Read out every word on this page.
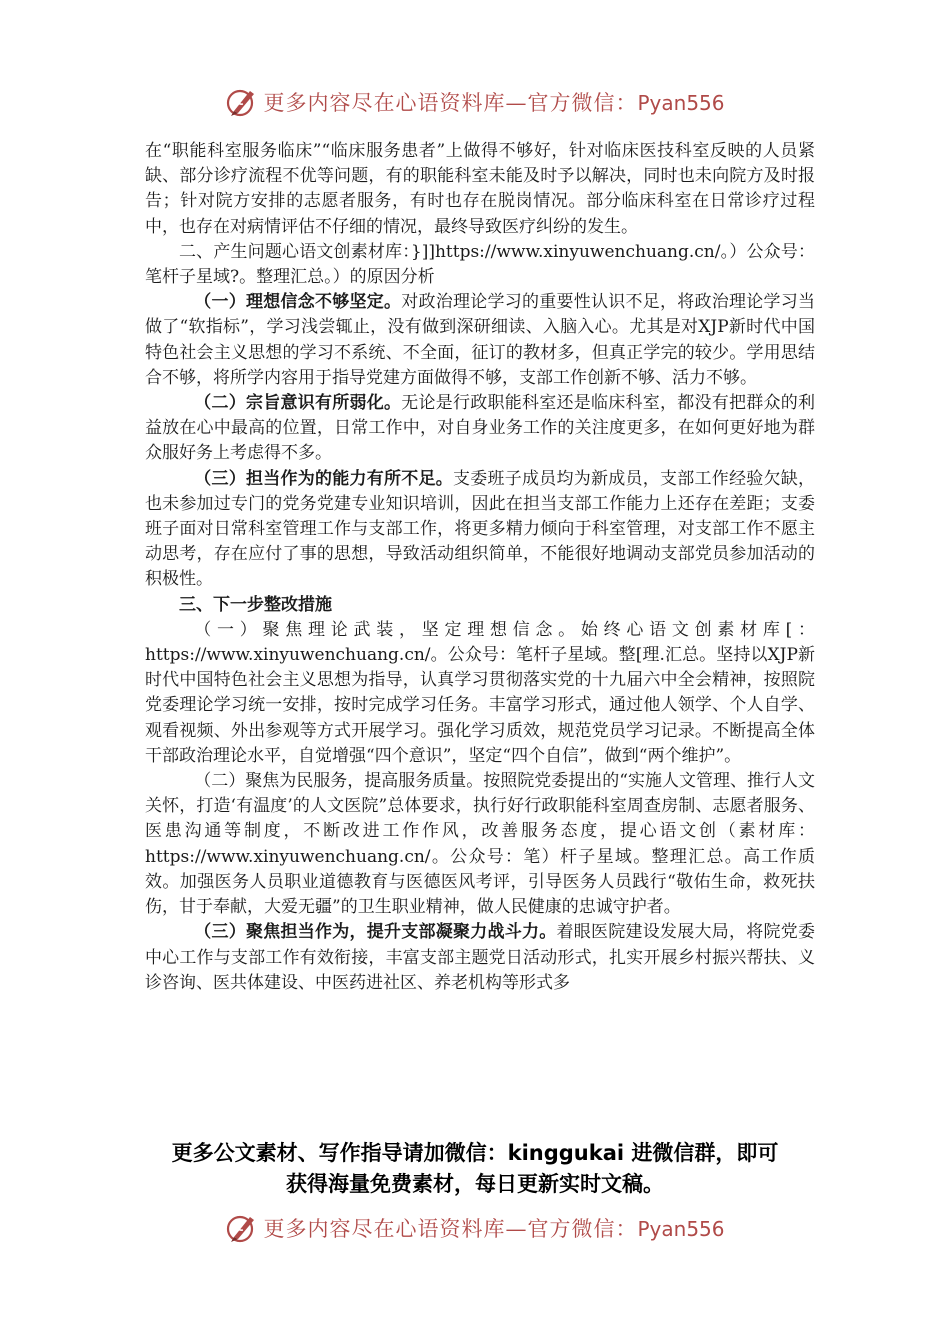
更多内容尽在心语资料库—官方微信：Pyan556

在“职能科室服务临床”“临床服务患者”上做得不够好，针对临床医技科室反映的人员紧缺、部分诊疗流程不优等问题，有的职能科室未能及时予以解决，同时也未向院方及时报告；针对院方安排的志愿者服务，有时也存在脱岗情况。部分临床科室在日常诊疗过程中，也存在对病情评估不仔细的情况，最终导致医疗纠纷的发生。

二、产生问题心语文创素材库：}]]https://www.xinyuwenchuang.cn/。）公众号：笔杆子星域?。整理汇总。）的原因分析

（一）理想信念不够坚定。对政治理论学习的重要性认识不足，将政治理论学习当做了“软指标”，学习浅尝辄止，没有做到深研细读、入脑入心。尤其是对XJP新时代中国特色社会主义思想的学习不系统、不全面，征订的教材多，但真正学完的较少。学用思结合不够，将所学内容用于指导党建方面做得不够，支部工作创新不够、活力不够。

（二）宗旨意识有所弱化。无论是行政职能科室还是临床科室，都没有把群众的利益放在心中最高的位置，日常工作中，对自身业务工作的关注度更多，在如何更好地为群众服好务上考虑得不多。

（三）担当作为的能力有所不足。支委班子成员均为新成员，支部工作经验欠缺，也未参加过专门的党务党建专业知识培训，因此在担当支部工作能力上还存在差距；支委班子面对日常科室管理工作与支部工作，将更多精力倾向于科室管理，对支部工作不愿主动思考，存在应付了事的思想，导致活动组织简单，不能很好地调动支部党员参加活动的积极性。

三、下一步整改措施

（一）聚焦理论武装，坚定理想信念。始终心语文创素材库[：https://www.xinyuwenchuang.cn/。公众号：笔杆子星域。整[理.汇总。坚持以XJP新时代中国特色社会主义思想为指导，认真学习贯彻落实党的十九届六中全会精神，按照院党委理论学习统一安排，按时完成学习任务。丰富学习形式，通过他人领学、个人自学、观看视频、外出参观等方式开展学习。强化学习质效，规范党员学习记录。不断提高全体干部政治理论水平，自觉增强“四个意识”，坚定“四个自信”，做到“两个维护”。

（二）聚焦为民服务，提高服务质量。按照院党委提出的“实施人文管理、推行人文关怀，打造‘有温度’的人文医院”总体要求，执行好行政职能科室周查房制、志愿者服务、医患沟通等制度，不断改进工作作风，改善服务态度，提心语文创（素材库：https://www.xinyuwenchuang.cn/。公众号：笔）杆子星域。整理汇总。高工作质效。加强医务人员职业道德教育与医德医风考评，引导医务人员践行“敬佑生命，救死扶伤，甘于奉献，大爱无疆”的卫生职业精神，做人民健康的忠诚守护者。

（三）聚焦担当作为，提升支部凝聚力战斗力。着眼医院建设发展大局，将院党委中心工作与支部工作有效衔接，丰富支部主题党日活动形式，扎实开展乡村振兴帮扶、义诊咨询、医共体建设、中医药进社区、养老机构等形式多

更多公文素材、写作指导请加微信：kinggukai 进微信群，即可
获得海量免费素材，每日更新实时文稿。
更多内容尽在心语资料库—官方微信：Pyan556
